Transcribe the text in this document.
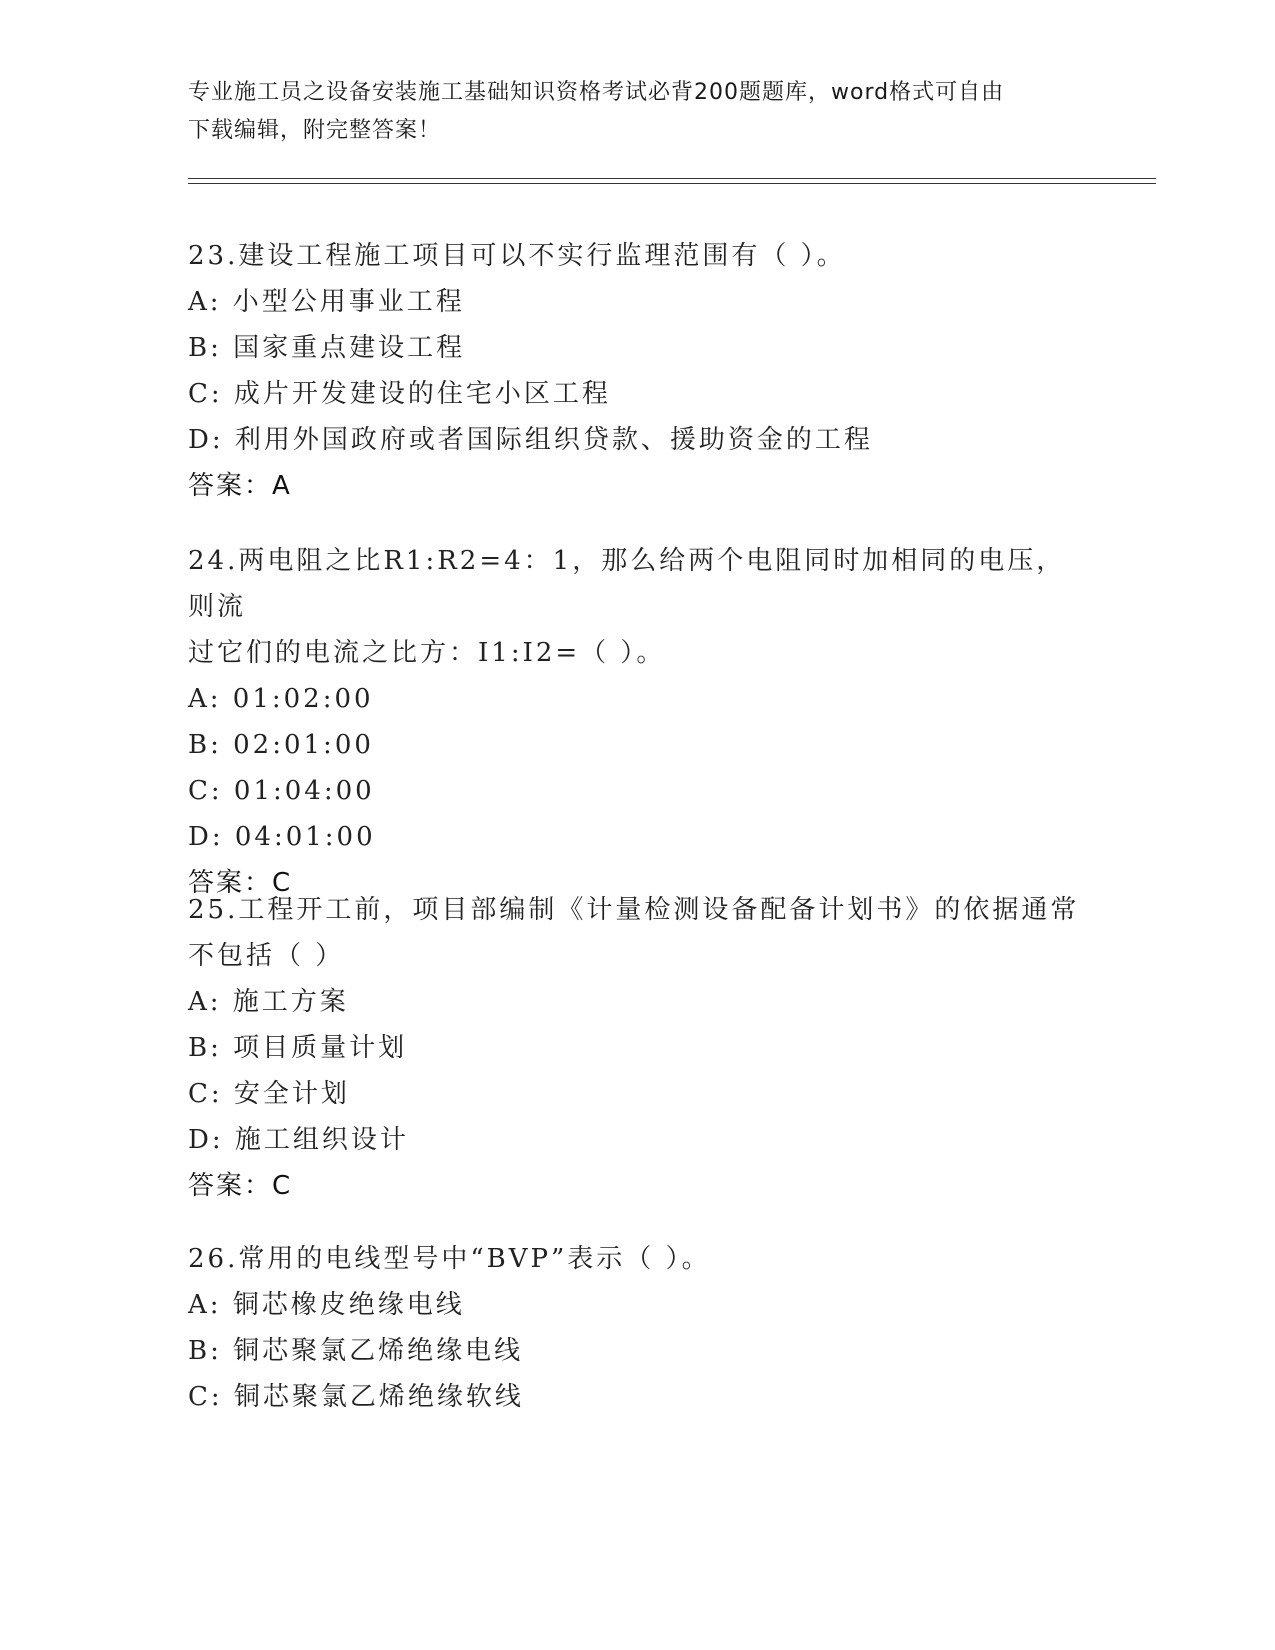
专业施工员之设备安装施工基础知识资格考试必背200题题库，word格式可自由
下载编辑，附完整答案！
23.建设工程施工项目可以不实行监理范围有（ ）。
A: 小型公用事业工程
B: 国家重点建设工程
C: 成片开发建设的住宅小区工程
D: 利用外国政府或者国际组织贷款、援助资金的工程
答案：A
24.两电阻之比R1:R2=4：1，那么给两个电阻同时加相同的电压，则流
过它们的电流之比方：I1:I2=（ ）。
A: 01:02:00
B: 02:01:00
C: 01:04:00
D: 04:01:00
答案：C
25.工程开工前，项目部编制《计量检测设备配备计划书》的依据通常
不包括（ ）
A: 施工方案
B: 项目质量计划
C: 安全计划
D: 施工组织设计
答案：C
26.常用的电线型号中“BVP”表示（ ）。
A: 铜芯橡皮绝缘电线
B: 铜芯聚氯乙烯绝缘电线
C: 铜芯聚氯乙烯绝缘软线
